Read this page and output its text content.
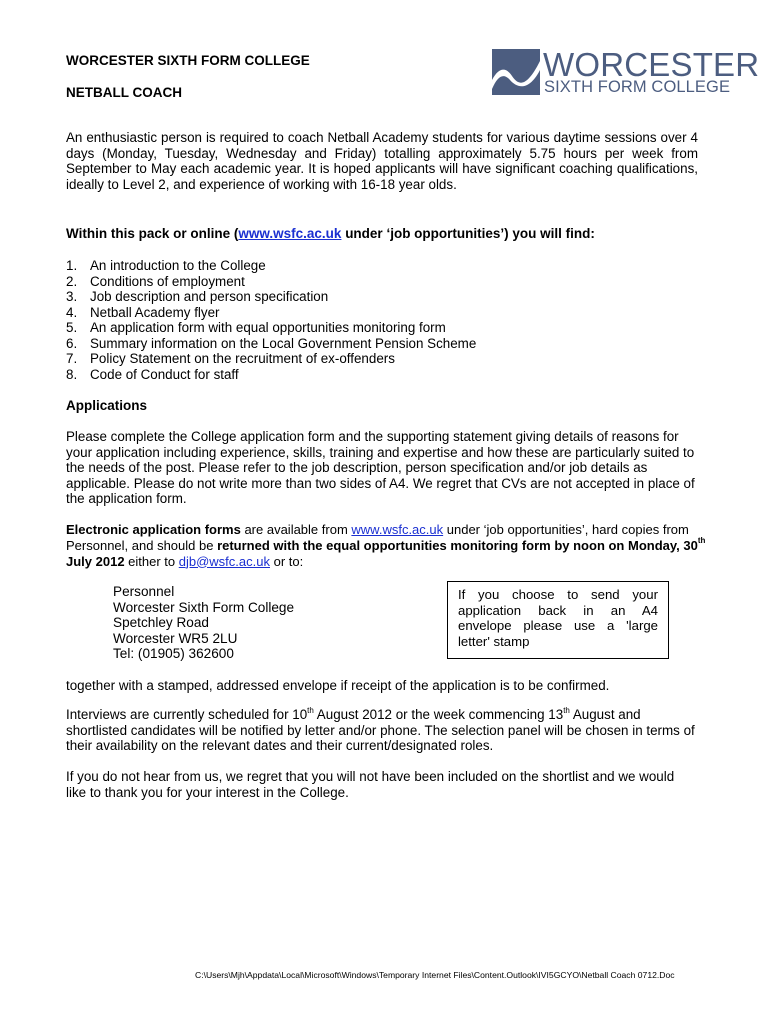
WORCESTER SIXTH FORM COLLEGE
NETBALL COACH
WORCESTER
SIXTH FORM COLLEGE

An enthusiastic person is required to coach Netball Academy students for various daytime sessions over 4 days (Monday, Tuesday, Wednesday and Friday) totalling approximately 5.75 hours per week from September to May each academic year. It is hoped applicants will have significant coaching qualifications, ideally to Level 2, and experience of working with 16-18 year olds.

Within this pack or online (www.wsfc.ac.uk under ‘job opportunities’) you will find:
1. An introduction to the College
2. Conditions of employment
3. Job description and person specification
4. Netball Academy flyer
5. An application form with equal opportunities monitoring form
6. Summary information on the Local Government Pension Scheme
7. Policy Statement on the recruitment of ex-offenders
8. Code of Conduct for staff
Applications

Please complete the College application form and the supporting statement giving details of reasons for your application including experience, skills, training and expertise and how these are particularly suited to the needs of the post. Please refer to the job description, person specification and/or job details as applicable. Please do not write more than two sides of A4. We regret that CVs are not accepted in place of the application form.

Electronic application forms are available from www.wsfc.ac.uk under ‘job opportunities’, hard copies from Personnel, and should be returned with the equal opportunities monitoring form by noon on Monday, 30th July 2012 either to djb@wsfc.ac.uk or to:

Personnel
Worcester Sixth Form College
Spetchley Road
Worcester WR5 2LU
Tel: (01905) 362600
If you choose to send your application back in an A4 envelope please use a 'large letter' stamp

together with a stamped, addressed envelope if receipt of the application is to be confirmed.

Interviews are currently scheduled for 10th August 2012 or the week commencing 13th August and shortlisted candidates will be notified by letter and/or phone. The selection panel will be chosen in terms of their availability on the relevant dates and their current/designated roles.

If you do not hear from us, we regret that you will not have been included on the shortlist and we would like to thank you for your interest in the College.

C:\Users\Mjh\Appdata\Local\Microsoft\Windows\Temporary Internet Files\Content.Outlook\IVI5GCYO\Netball Coach 0712.Doc
